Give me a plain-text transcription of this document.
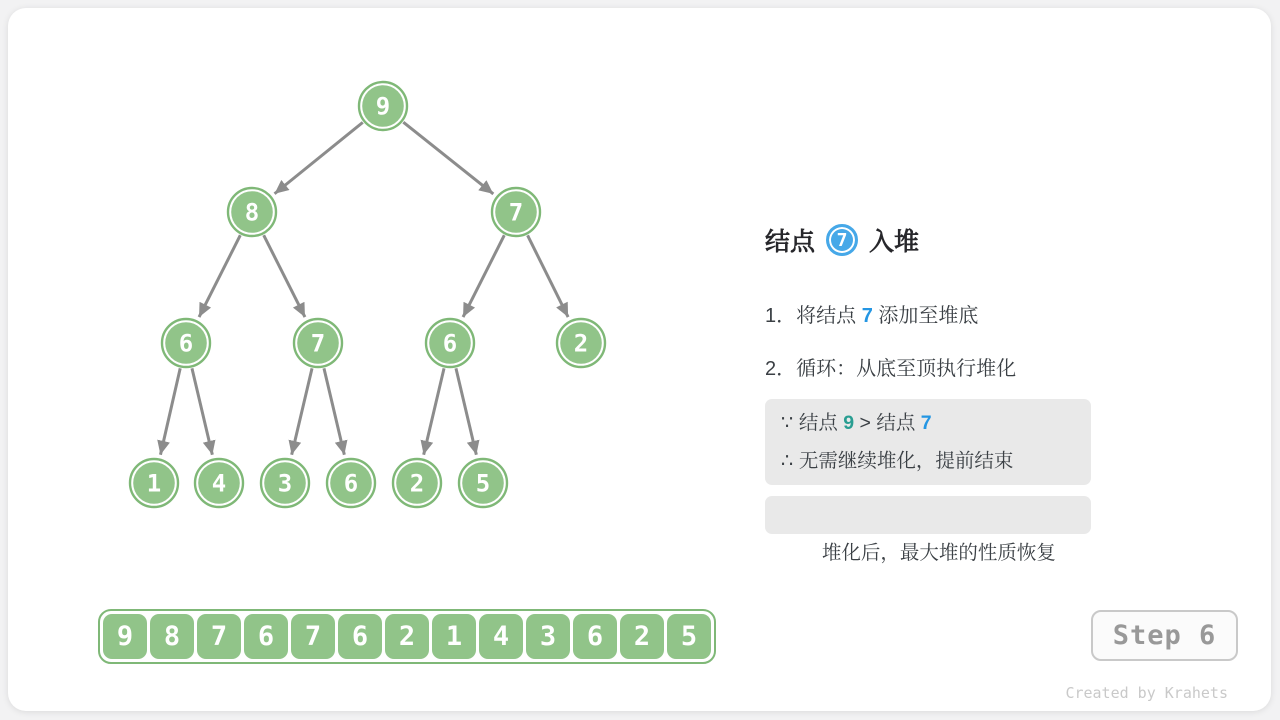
9
8	7
6	7	6	2
1 4 3 6 2 5
结点	7 入堆
1．将结点 7 添加至堆底
2．循环：从底至顶执行堆化
∵ 结点 9 > 结点 7
∴ 无需继续堆化，提前结束

堆化后，最大堆的性质恢复

9	8	7	6	7	6	2	1	4	3	6	2	5	Step 6
Created by Krahets
